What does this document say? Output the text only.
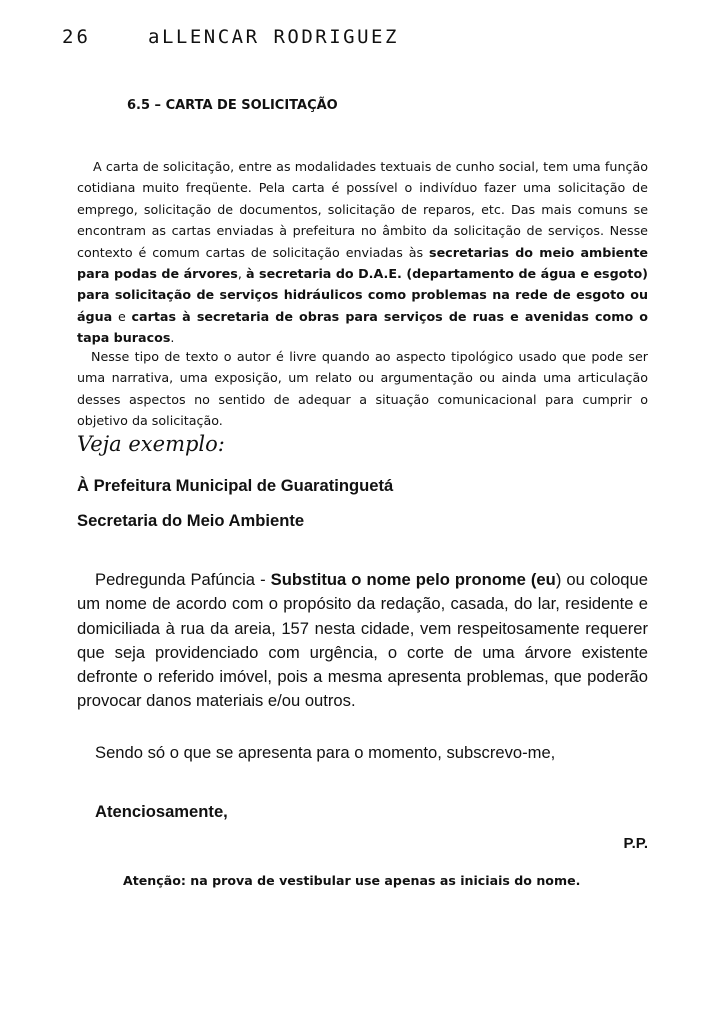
26	aLLENCAR RODRIGUEZ
6.5 – CARTA DE SOLICITAÇÃO

A carta de solicitação, entre as modalidades textuais de cunho social, tem uma função cotidiana muito freqüente. Pela carta é possível o indivíduo fazer uma solicitação de emprego, solicitação de documentos, solicitação de reparos, etc. Das mais comuns se encontram as cartas enviadas à prefeitura no âmbito da solicitação de serviços. Nesse contexto é comum cartas de solicitação enviadas às secretarias do meio ambiente para podas de árvores, à secretaria do D.A.E. (departamento de água e esgoto) para solicitação de serviços hidráulicos como problemas na rede de esgoto ou água e cartas à secretaria de obras para serviços de ruas e avenidas como o tapa buracos.

Nesse tipo de texto o autor é livre quando ao aspecto tipológico usado que pode ser uma narrativa, uma exposição, um relato ou argumentação ou ainda uma articulação desses aspectos no sentido de adequar a situação comunicacional para cumprir o objetivo da solicitação.

Veja exemplo:
À Prefeitura Municipal de Guaratinguetá
Secretaria do Meio Ambiente

Pedregunda Pafúncia - Substitua o nome pelo pronome (eu) ou coloque um nome de acordo com o propósito da redação, casada, do lar, residente e domiciliada à rua da areia, 157 nesta cidade, vem respeitosamente requerer que seja providenciado com urgência, o corte de uma árvore existente defronte o referido imóvel, pois a mesma apresenta problemas, que poderão provocar danos materiais e/ou outros.

Sendo só o que se apresenta para o momento, subscrevo-me,
Atenciosamente,
P.P.
Atenção: na prova de vestibular use apenas as iniciais do nome.
